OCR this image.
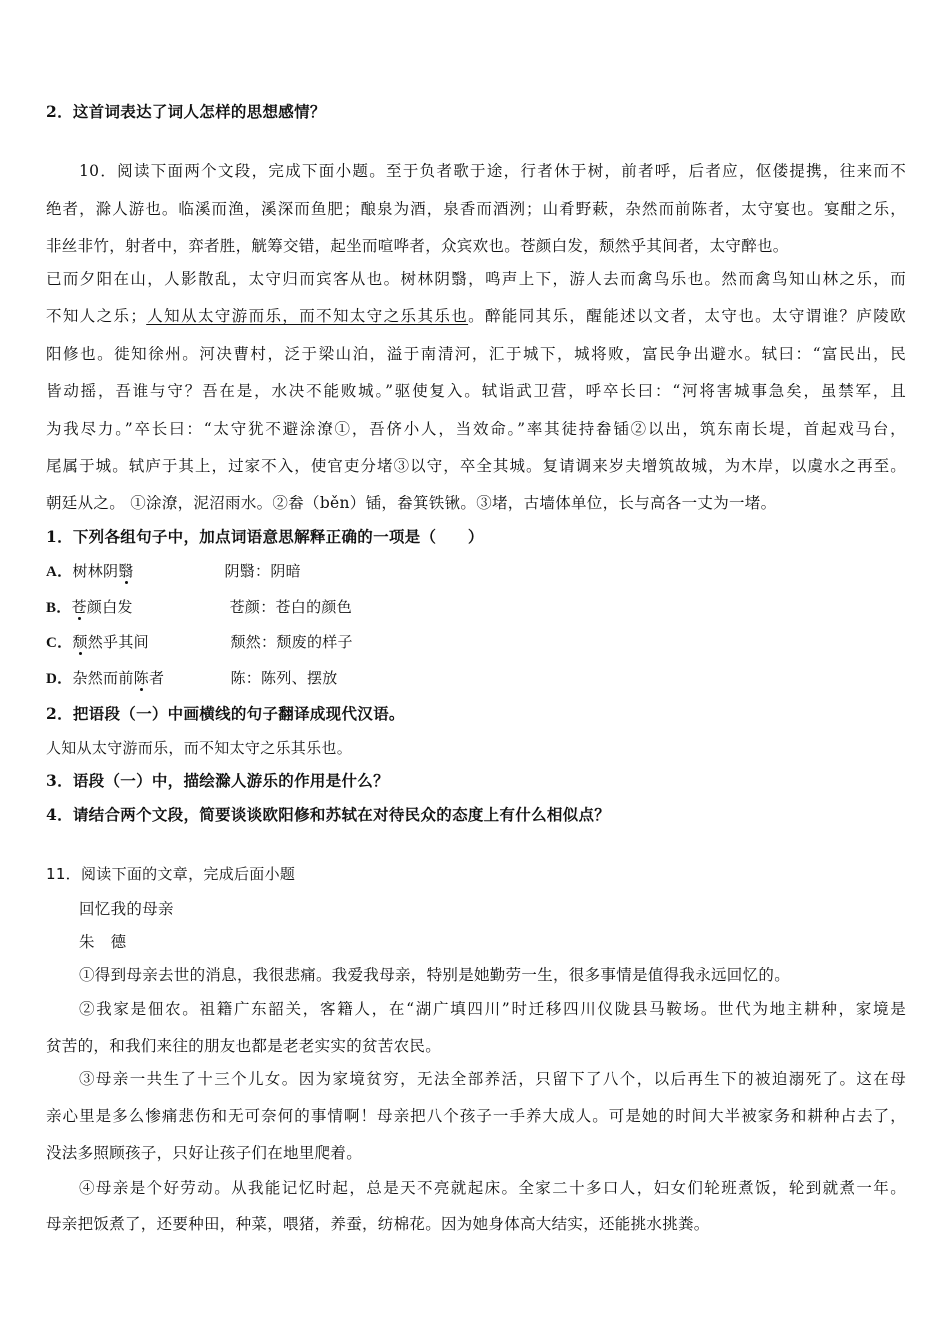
2．这首词表达了词人怎样的思想感情？
10．阅读下面两个文段，完成下面小题。至于负者歌于途，行者休于树，前者呼，后者应，伛偻提携，往来而不
绝者，滁人游也。临溪而渔，溪深而鱼肥；酿泉为酒，泉香而酒洌；山肴野蔌，杂然而前陈者，太守宴也。宴酣之乐，
非丝非竹，射者中，弈者胜，觥筹交错，起坐而喧哗者，众宾欢也。苍颜白发，颓然乎其间者，太守醉也。
已而夕阳在山，人影散乱，太守归而宾客从也。树林阴翳，鸣声上下，游人去而禽鸟乐也。然而禽鸟知山林之乐，而
不知人之乐；人知从太守游而乐，而不知太守之乐其乐也。醉能同其乐，醒能述以文者，太守也。太守谓谁？庐陵欧
阳修也。徙知徐州。河决曹村，泛于梁山泊，溢于南清河，汇于城下，城将败，富民争出避水。轼曰：“富民出，民
皆动摇，吾谁与守？吾在是，水决不能败城。”驱使复入。轼诣武卫营，呼卒长曰：“河将害城事急矣，虽禁军，且
为我尽力。”卒长曰：“太守犹不避涂潦①，吾侪小人，当效命。”率其徒持畚锸②以出，筑东南长堤，首起戏马台，
尾属于城。轼庐于其上，过家不入，使官吏分堵③以守，卒全其城。复请调来岁夫增筑故城，为木岸，以虞水之再至。
朝廷从之。 ①涂潦，泥沼雨水。②畚（běn）锸，畚箕铁锹。③堵，古墙体单位，长与高各一丈为一堵。
1．下列各组句子中，加点词语意思解释正确的一项是（　　）
A．树林阴翳	阴翳：阴暗
B．苍颜白发	苍颜：苍白的颜色
C．颓然乎其间	颓然：颓废的样子
D．杂然而前陈者	陈：陈列、摆放
2．把语段（一）中画横线的句子翻译成现代汉语。
人知从太守游而乐，而不知太守之乐其乐也。
3．语段（一）中，描绘滁人游乐的作用是什么？
4．请结合两个文段，简要谈谈欧阳修和苏轼在对待民众的态度上有什么相似点？
11．阅读下面的文章，完成后面小题
回忆我的母亲
朱　德
①得到母亲去世的消息，我很悲痛。我爱我母亲，特别是她勤劳一生，很多事情是值得我永远回忆的。
②我家是佃农。祖籍广东韶关，客籍人，在“湖广填四川”时迁移四川仪陇县马鞍场。世代为地主耕种，家境是
贫苦的，和我们来往的朋友也都是老老实实的贫苦农民。
③母亲一共生了十三个儿女。因为家境贫穷，无法全部养活，只留下了八个，以后再生下的被迫溺死了。这在母
亲心里是多么惨痛悲伤和无可奈何的事情啊！母亲把八个孩子一手养大成人。可是她的时间大半被家务和耕种占去了，
没法多照顾孩子，只好让孩子们在地里爬着。
④母亲是个好劳动。从我能记忆时起，总是天不亮就起床。全家二十多口人，妇女们轮班煮饭，轮到就煮一年。
母亲把饭煮了，还要种田，种菜，喂猪，养蚕，纺棉花。因为她身体高大结实，还能挑水挑粪。
